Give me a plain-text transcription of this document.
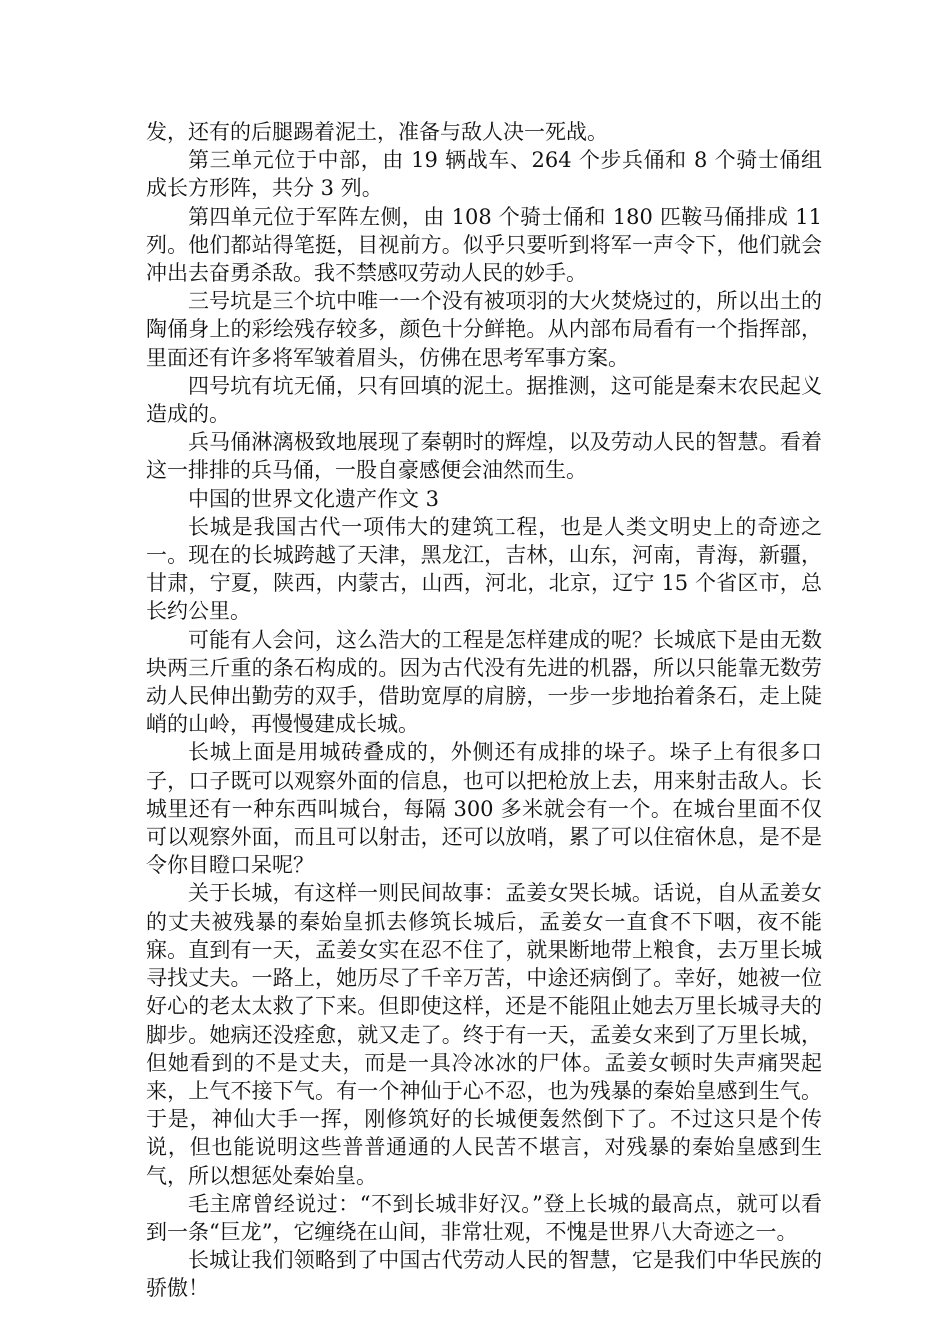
发，还有的后腿踢着泥土，准备与敌人决一死战。

第三单元位于中部，由 19 辆战车、264 个步兵俑和 8 个骑士俑组成长方形阵，共分 3 列。

第四单元位于军阵左侧，由 108 个骑士俑和 180 匹鞍马俑排成 11 列。他们都站得笔挺，目视前方。似乎只要听到将军一声令下，他们就会冲出去奋勇杀敌。我不禁感叹劳动人民的妙手。

三号坑是三个坑中唯一一个没有被项羽的大火焚烧过的，所以出土的陶俑身上的彩绘残存较多，颜色十分鲜艳。从内部布局看有一个指挥部，里面还有许多将军皱着眉头，仿佛在思考军事方案。

四号坑有坑无俑，只有回填的泥土。据推测，这可能是秦末农民起义造成的。

兵马俑淋漓极致地展现了秦朝时的辉煌，以及劳动人民的智慧。看着这一排排的兵马俑，一股自豪感便会油然而生。

中国的世界文化遗产作文 3

长城是我国古代一项伟大的建筑工程，也是人类文明史上的奇迹之一。现在的长城跨越了天津，黑龙江，吉林，山东，河南，青海，新疆，甘肃，宁夏，陕西，内蒙古，山西，河北，北京，辽宁 15 个省区市，总长约公里。

可能有人会问，这么浩大的工程是怎样建成的呢？长城底下是由无数块两三斤重的条石构成的。因为古代没有先进的机器，所以只能靠无数劳动人民伸出勤劳的双手，借助宽厚的肩膀，一步一步地抬着条石，走上陡峭的山岭，再慢慢建成长城。

长城上面是用城砖叠成的，外侧还有成排的垛子。垛子上有很多口子，口子既可以观察外面的信息，也可以把枪放上去，用来射击敌人。长城里还有一种东西叫城台，每隔 300 多米就会有一个。在城台里面不仅可以观察外面，而且可以射击，还可以放哨，累了可以住宿休息，是不是令你目瞪口呆呢？

关于长城，有这样一则民间故事：孟姜女哭长城。话说，自从孟姜女的丈夫被残暴的秦始皇抓去修筑长城后，孟姜女一直食不下咽，夜不能寐。直到有一天，孟姜女实在忍不住了，就果断地带上粮食，去万里长城寻找丈夫。一路上，她历尽了千辛万苦，中途还病倒了。幸好，她被一位好心的老太太救了下来。但即使这样，还是不能阻止她去万里长城寻夫的脚步。她病还没痊愈，就又走了。终于有一天，孟姜女来到了万里长城，但她看到的不是丈夫，而是一具冷冰冰的尸体。孟姜女顿时失声痛哭起来，上气不接下气。有一个神仙于心不忍，也为残暴的秦始皇感到生气。于是，神仙大手一挥，刚修筑好的长城便轰然倒下了。不过这只是个传说，但也能说明这些普普通通的人民苦不堪言，对残暴的秦始皇感到生气，所以想惩处秦始皇。

毛主席曾经说过：“不到长城非好汉。”登上长城的最高点，就可以看到一条“巨龙”，它缠绕在山间，非常壮观，不愧是世界八大奇迹之一。

长城让我们领略到了中国古代劳动人民的智慧，它是我们中华民族的骄傲！
